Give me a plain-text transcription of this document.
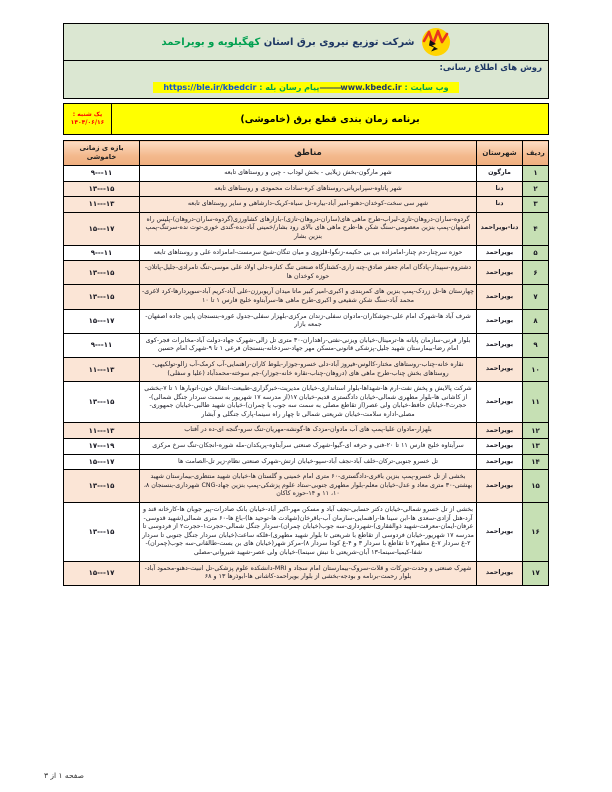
شرکت توزیع نیروی برق استان کهگیلویه و بویراحمد
روش های اطلاع رسانی:
وب سایت : www.kbedc.ir———پیام رسان بله : https://ble.ir/kbedcir
برنامه زمان بندی قطع برق (خاموشی)
یک شنبه :
۱۴۰۴/۰۶/۱۶
ردیف	شهرستان	مناطق	بازه ی زمانی خاموشی
۱	مارگون	شهر مارگون-بخش زیلایی - بخش لوداب - چین و روستاهای تابعه	۹---۱۱
۲	دنا	شهر پاتاوه-سپرابریانی-روستاهای کره-سادات محمودی و روستاهای تابعه	۱۳---۱۵
۳	دنا	شهر سی سخت-کوخدان-دهنو-امیر آباد-بیاره-تل سیاه-کریک-دارشاهی و سایر روستاهای تابعه	۱۱---۱۳
۴	دنا-بویراحمد	گردوه-ساران-دروهان-تازی-لیراب-طرح ماهی های(ساران-دروهان-تازی)-بازارهای کشاورزی(گردوه-ساران-دروهان)-پلیس راه اصفهان-پمپ بنزین معصومی-سنگ شکن ها-طرح ماهی های بالای رود بشار/خمینی آباد-نده-گندی خوری-توت نده-سرتنگ-پمپ بنزین بشار	۱۵---۱۷
۵	بویراحمد	حوزه سرچنار-دم چنار-امامزاده بی بی حکیمه-زنگوا-قلزوی و میان تنگان-شیخ سرمست-امامزاده علی و روستاهای تابعه	۹---۱۱
۶	بویراحمد	دشتروم-سپیدار-پادگان امام جعفر صادق-چنه زاری-کشتارگاه صنعتی تنگ کناره-دلی اولاد علی موسی-تنگ تامرادی-جلیل-پاتلان-حوزه کوخدان ها	۱۳---۱۵
۷	بویراحمد	چهارستان ها-تل زردک-پمپ بنزین های کمربندی و اکبری-امیر کبیر ماتا میدان آریوبرزن-علی آباد-کریم آباد-سوپردارها-کرد لاغری-محمد آباد-سنگ شکن شفیعی و اکبری-طرح ماهی ها-سرآبتاوه خلیج فارس ۱ تا ۱۰	۱۳---۱۵
۸	بویراحمد	شرف آباد ها-شهرک امام علی-جوشکاران-مادوان سفلی-زندان مرکزی-بلهزار سفلی-جدول غوره-بنسنجان پایین جاده اصفهان-جمعه بازار	۱۵---۱۷
۹	بویراحمد	بلوار قرنی-سازمان پایانه ها-ترمینال-خیابان ویزنی-نفتی-راهداران-۳۰ متری تل زالی-شهرک جهاد-دولت آباد-مخابرات فجر-کوی امام رضا-بیمارستان شهید جلیل-پزشکی قانونی-مسکن مهر جهاد-سردخانه-بنسنجان فرعی ۱ تا ۹-شهرک امام حسین	۹---۱۱
۱۰	بویراحمد	نقاره خانه-چناب-روستاهای مختار-کالوس-فیروز آباد-دلی خسرو-جوزار-بلوط کاران-راهنمایی-آب کرمک-آب زالو-تولکیهی-روستاهای بخش چناب-طرح ماهی های (دروهان-چناب-نقاره خانه-جوزار)-جم سوخته-محمدآباد (علیا و سفلی)	۱۱---۱۳
۱۱	بویراحمد	شرکت پالایش و پخش نفت-ارم ها-شهداها-بلوار استانداری-خیابان مدیریت-خبرگزاری-طبیعت-انتقال خون-اتوبارها ۱ تا ۷-بخشی از کاشانی ها-بلوار مطهری شمالی-خیابان دادگستری قدیم-خیابان ۱۷(از مدرسه ۱۷ شهریور به سمت سردار جنگل شمالی)-حجرت۳-خیابان حافظ-خیابان ولی عصر(از تقاطع مصلی به سمت سه جوب یا چمران)-خیابان شهید طالبی-خیابان جمهوری-مصلی-اداره سلامت-خیابان شریعتی شمالی تا چهار راه سینما-پارک جنگلی و آبشار	۱۳---۱۵
۱۲	بویراحمد	بلهزار-مادوان علیا-پمپ های آب مادوان-مزدک ها-گونشه-مهریان-تنگ سرو-گنجه ای-ده در آفتاب	۱۱---۱۳
۱۳	بویراحمد	سرآبتاوه خلیج فارس ۱۱ تا ۲۰-فنی و حرفه ای-گیوا-شهرک صنعتی سرآبتاوه-پریکدان-مله شوره-انجکان-تنگ سرخ مرکزی	۱۷---۱۹
۱۴	بویراحمد	تل خسرو جنوبی-ترکان-خلف آباد-نجف آباد-سپو-خیابان ارتش-شهرک صنعتی نظام-زیر تل-الصامت ها	۱۵---۱۷
۱۵	بویراحمد	بخشی از تل خسرو-پمپ بنزین باقری-دادگستری-۶۰ متری امام خمینی و گلستان ها-خیابان شهید منتظری-بیمارستان شهید بهشتی-۳۰ متری معاد و عدل-خیابان معلم-بلوار مطهری جنوبی-ستاد علوم پزشکی-پمپ بنزین جهاد-CNG شهرداری-بنسنجان ۸، ۱۰، ۱۱ و ۱۴-حوزه کاکان	۱۳---۱۵
۱۶	بویراحمد	بخشی از تل خسرو شمالی-خیابان دکتر حسابی-نجف آباد و مسکن مهر-اکبر آباد-خیابان بانک صادرات-پیر جوبان ها-کارخانه قند و آرد-هتل آزادی-سعدی ها-ابن سینا ها-راهنمایی-سازمان آب-باقرخان(شهادت ها-توحید ها)-باغ ها-۶۰ متری شمالی(شهید قدوسی-عرفان-ایمان-معرفت-شهید ذوالفقاری)-شهرداری-سه جوب(خیابان چمران)-سردار جنگل شمالی-حجرت۱-حجرت۲ از فردوسی تا مدرسه ۱۷ شهریور-خیابان فردوسی از تقاطع با شریعتی تا بلوار شهید مطهری)-فلکه ساعت(خیابان سردار جنگل جنوبی تا سردار ۲-غ سردار ۷-غ مطهر۲ تا تقاطع با سردار ۳ و ۴-غ کودا سردار ۸)-مرکز شهر(خیابان های بن بست-طالقانی-سه جوب(چمران)-شفا-کیمیا-سینما-۱۳ آبان-شریعتی تا نبش سینما)-خیابان ولی عصر-شهید شیروانی-مصلی	۱۳---۱۵
۱۷	بویراحمد	شهرک صنعتی و وحدت-تورکات و قلات-سروک-بیمارستان امام سجاد و MRI-دانشکده علوم پزشکی-تل انبیت-دهنو-محمود آباد-بلوار رحمت-برنامه و بودجه-بخشی از بلوار بویراحمد-کاشانی ها-ابوذرها ۱۳ و ۶۸	۱۵---۱۷
صفحه ۱ از ۳
